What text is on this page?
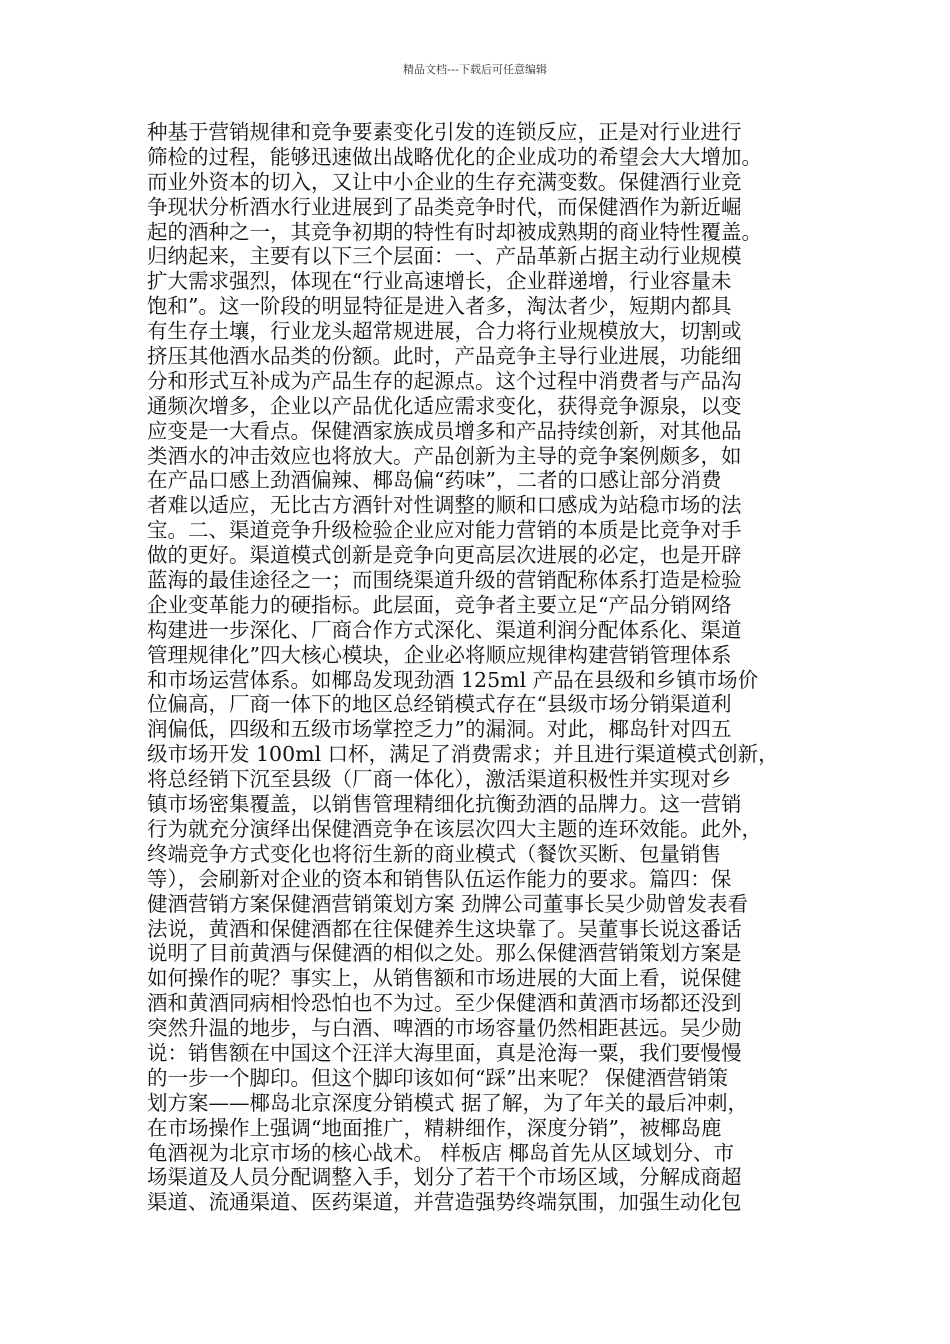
精品文档---下载后可任意编辑
种基于营销规律和竞争要素变化引发的连锁反应，正是对行业进行
筛检的过程，能够迅速做出战略优化的企业成功的希望会大大增加。
而业外资本的切入，又让中小企业的生存充满变数。保健酒行业竞
争现状分析酒水行业进展到了品类竞争时代，而保健酒作为新近崛
起的酒种之一，其竞争初期的特性有时却被成熟期的商业特性覆盖。
归纳起来，主要有以下三个层面：一、产品革新占据主动行业规模
扩大需求强烈，体现在“行业高速增长，企业群递增，行业容量未
饱和”。这一阶段的明显特征是进入者多，淘汰者少，短期内都具
有生存土壤，行业龙头超常规进展，合力将行业规模放大，切割或
挤压其他酒水品类的份额。此时，产品竞争主导行业进展，功能细
分和形式互补成为产品生存的起源点。这个过程中消费者与产品沟
通频次增多，企业以产品优化适应需求变化，获得竞争源泉，以变
应变是一大看点。保健酒家族成员增多和产品持续创新，对其他品
类酒水的冲击效应也将放大。产品创新为主导的竞争案例颇多，如
在产品口感上劲酒偏辣、椰岛偏“药味”，二者的口感让部分消费
者难以适应，无比古方酒针对性调整的顺和口感成为站稳市场的法
宝。二、渠道竞争升级检验企业应对能力营销的本质是比竞争对手
做的更好。渠道模式创新是竞争向更高层次进展的必定，也是开辟
蓝海的最佳途径之一；而围绕渠道升级的营销配称体系打造是检验
企业变革能力的硬指标。此层面，竞争者主要立足“产品分销网络
构建进一步深化、厂商合作方式深化、渠道利润分配体系化、渠道
管理规律化”四大核心模块，企业必将顺应规律构建营销管理体系
和市场运营体系。如椰岛发现劲酒 125ml 产品在县级和乡镇市场价
位偏高，厂商一体下的地区总经销模式存在“县级市场分销渠道利
润偏低，四级和五级市场掌控乏力”的漏洞。对此，椰岛针对四五
级市场开发 100ml 口杯，满足了消费需求；并且进行渠道模式创新，
将总经销下沉至县级（厂商一体化），激活渠道积极性并实现对乡
镇市场密集覆盖，以销售管理精细化抗衡劲酒的品牌力。这一营销
行为就充分演绎出保健酒竞争在该层次四大主题的连环效能。此外，
终端竞争方式变化也将衍生新的商业模式（餐饮买断、包量销售
等），会刷新对企业的资本和销售队伍运作能力的要求。篇四：保
健酒营销方案保健酒营销策划方案 劲牌公司董事长吴少勋曾发表看
法说，黄酒和保健酒都在往保健养生这块靠了。吴董事长说这番话
说明了目前黄酒与保健酒的相似之处。那么保健酒营销策划方案是
如何操作的呢？事实上，从销售额和市场进展的大面上看，说保健
酒和黄酒同病相怜恐怕也不为过。至少保健酒和黄酒市场都还没到
突然升温的地步，与白酒、啤酒的市场容量仍然相距甚远。吴少勋
说：销售额在中国这个汪洋大海里面，真是沧海一粟，我们要慢慢
的一步一个脚印。但这个脚印该如何“踩”出来呢？ 保健酒营销策
划方案——椰岛北京深度分销模式 据了解，为了年关的最后冲刺，
在市场操作上强调“地面推广，精耕细作，深度分销”，被椰岛鹿
龟酒视为北京市场的核心战术。 样板店 椰岛首先从区域划分、市
场渠道及人员分配调整入手，划分了若干个市场区域，分解成商超
渠道、流通渠道、医药渠道，并营造强势终端氛围，加强生动化包
